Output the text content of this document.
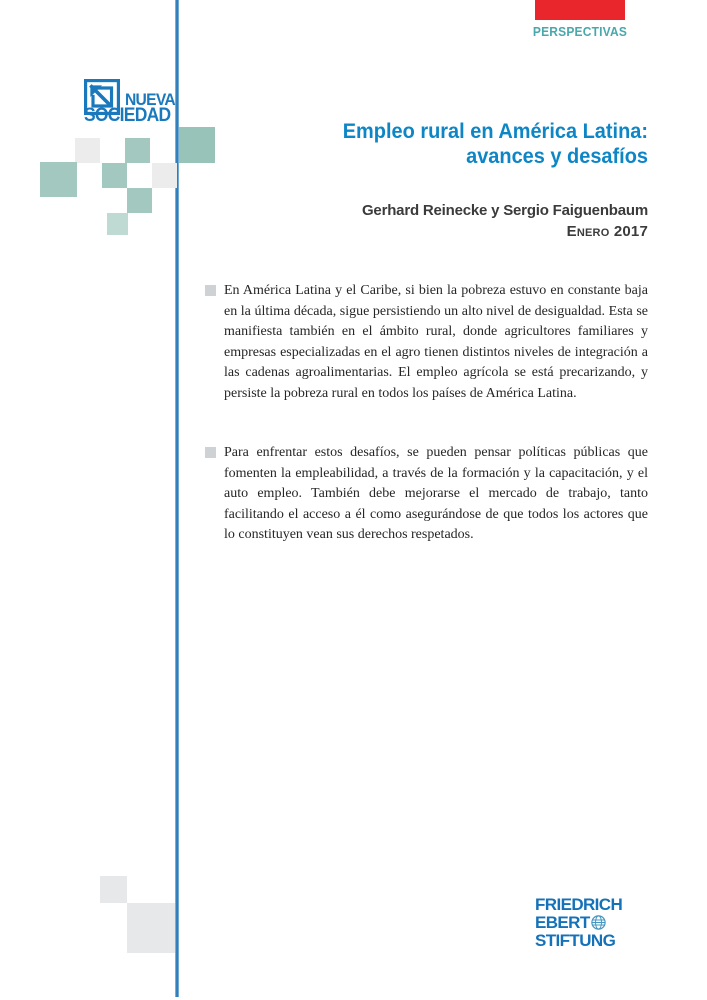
PERSPECTIVAS
NUEVA
SOCIEDAD
Empleo rural en América Latina:
avances y desafíos
Gerhard Reinecke y Sergio Faiguenbaum
Enero 2017
En América Latina y el Caribe, si bien la pobreza estuvo en constante baja en la última década, sigue persistiendo un alto nivel de desigualdad. Esta se manifiesta también en el ámbito rural, donde agricultores familiares y empresas especializadas en el agro tienen distintos niveles de integración a las cadenas agroalimentarias. El empleo agrícola se está precarizando, y persiste la pobreza rural en todos los países de América Latina.
Para enfrentar estos desafíos, se pueden pensar políticas públicas que fomenten la empleabilidad, a través de la formación y la capacitación, y el auto empleo. También debe mejorarse el mercado de trabajo, tanto facilitando el acceso a él como asegurándose de que todos los actores que lo constituyen vean sus derechos respetados.
FRIEDRICH
EBERT
STIFTUNG
